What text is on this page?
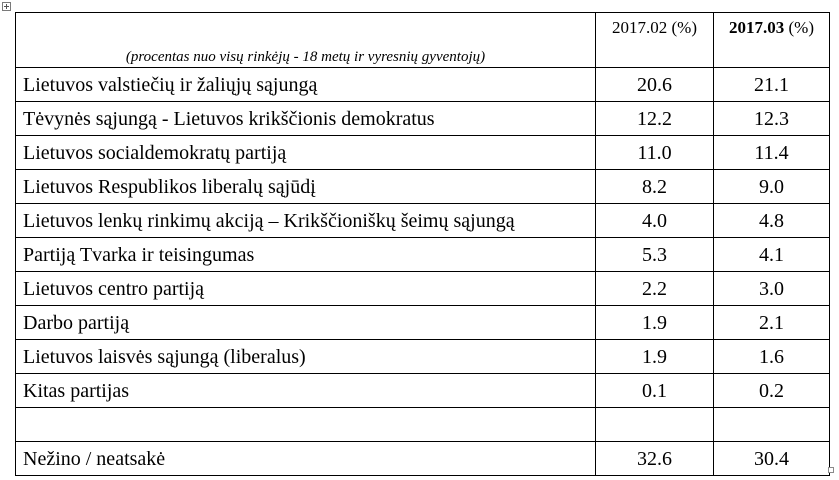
(procentas nuo visų rinkėjų - 18 metų ir vyresnių gyventojų)	2017.02 (%)	2017.03 (%)
Lietuvos valstiečių ir žaliųjų sąjungą	20.6	21.1
Tėvynės sąjungą - Lietuvos krikščionis demokratus	12.2	12.3
Lietuvos socialdemokratų partiją	11.0	11.4
Lietuvos Respublikos liberalų sąjūdį	8.2	9.0
Lietuvos lenkų rinkimų akciją – Krikščioniškų šeimų sąjungą	4.0	4.8
Partiją Tvarka ir teisingumas	5.3	4.1
Lietuvos centro partiją	2.2	3.0
Darbo partiją	1.9	2.1
Lietuvos laisvės sąjungą (liberalus)	1.9	1.6
Kitas partijas	0.1	0.2

Nežino / neatsakė	32.6	30.4
